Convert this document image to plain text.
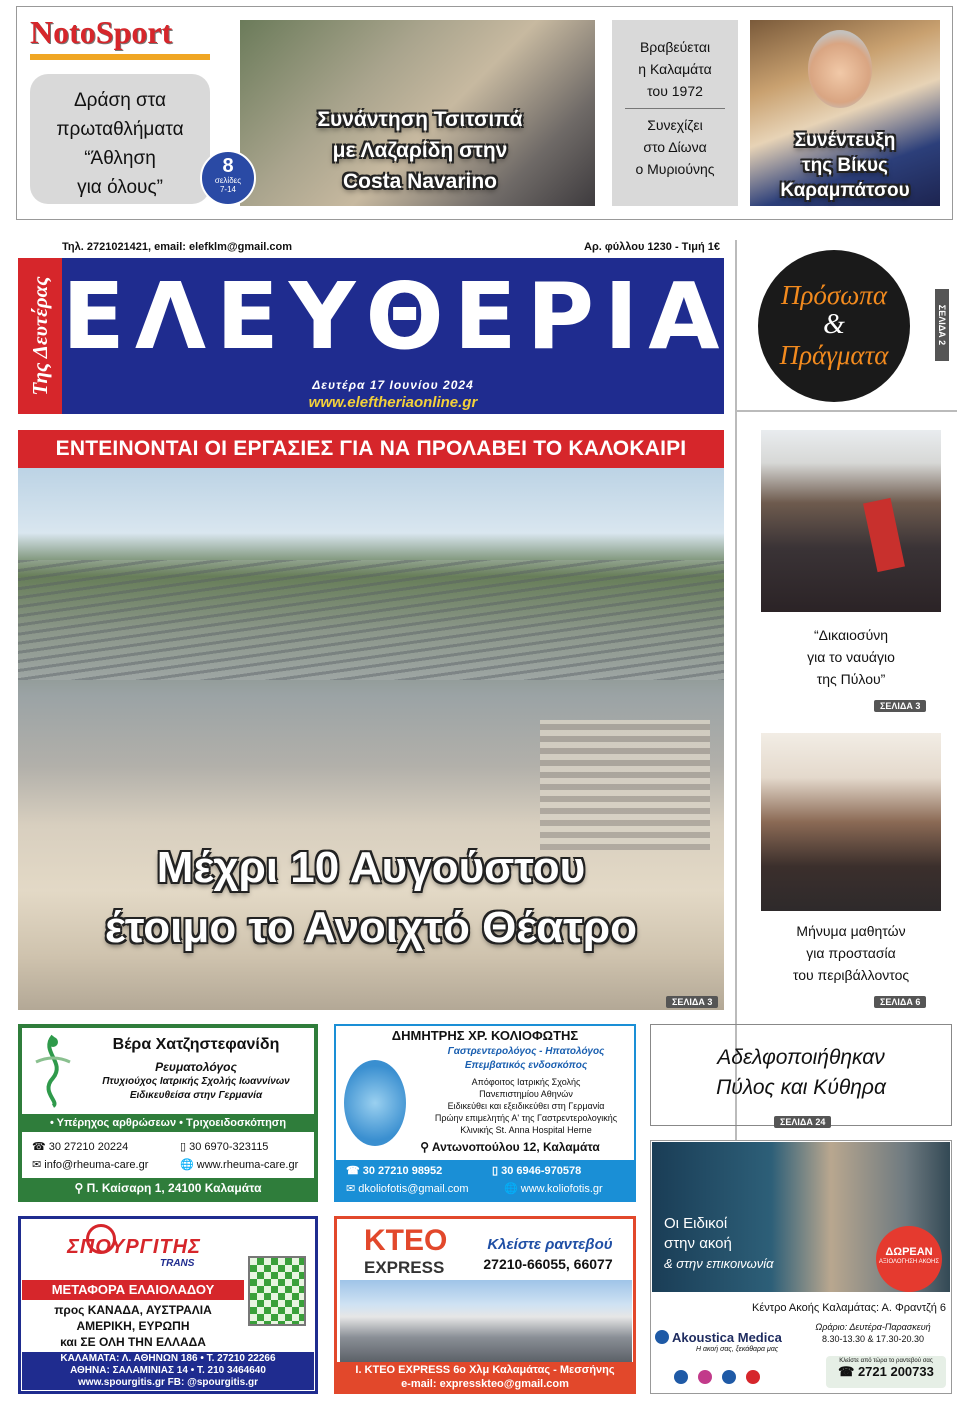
NotoSport
Δράση στα
πρωταθλήματα
“Άθληση
για όλους”
8
σελίδες
7-14
Συνάντηση Τσιτσιπά
με Λαζαρίδη στην
Costa Navarino
Βραβεύεται
η Καλαμάτα
του 1972
Συνεχίζει
στο Δίωνα
ο Μυριούνης
Συνέντευξη
της Βίκυς
Καραμπάτσου
Τηλ. 2721021421, email: elefklm@gmail.com	Αρ. φύλλου 1230 - Τιμή 1€
Της Δευτέρας ΕΛΕΥΘΕΡΙΑ
Δευτέρα 17 Ιουνίου 2024
www.eleftheriaonline.gr
Πρόσωπα
&
Πράγματα
ΣΕΛΙΔΑ 2
ΕΝΤΕΙΝΟΝΤΑΙ ΟΙ ΕΡΓΑΣΙΕΣ ΓΙΑ ΝΑ ΠΡΟΛΑΒΕΙ ΤΟ ΚΑΛΟΚΑΙΡΙ
Μέχρι 10 Αυγούστου
έτοιμο το Ανοιχτό Θέατρο
ΣΕΛΙΔΑ 3
“Δικαιοσύνη
για το ναυάγιο
της Πύλου”
ΣΕΛΙΔΑ 3
Μήνυμα μαθητών
για προστασία
του περιβάλλοντος
ΣΕΛΙΔΑ 6
Αδελφοποιήθηκαν
Πύλος και Κύθηρα
ΣΕΛΙΔΑ 24
Βέρα Χατζηστεφανίδη
Ρευματολόγος
Πτυχιούχος Ιατρικής Σχολής Ιωαννίνων
Ειδικευθείσα στην Γερμανία
• Υπέρηχος αρθρώσεων • Τριχοειδοσκόπηση
☎ 30 27210 20224	▯ 30 6970-323115
✉ info@rheuma-care.gr	🌐 www.rheuma-care.gr
⚲ Π. Καίσαρη 1, 24100 Καλαμάτα
ΔΗΜΗΤΡΗΣ ΧΡ. ΚΟΛΙΟΦΩΤΗΣ
Γαστρεντερολόγος - Ηπατολόγος
Επεμβατικός ενδοσκόπος
Απόφοιτος Ιατρικής Σχολής
Πανεπιστημίου Αθηνών
Ειδικεύθει και εξειδικεύθει στη Γερμανία
Πρώην επιμελητής Α' της Γαστρεντερολογικής
Κλινικής St. Anna Hospital Herne
⚲ Αντωνοπούλου 12, Καλαμάτα
☎ 30 27210 98952	▯ 30 6946-970578
✉ dkoliofotis@gmail.com	🌐 www.koliofotis.gr
ΣΠΟΥΡΓΙΤΗΣ
TRANS
ΜΕΤΑΦΟΡΑ ΕΛΑΙΟΛΑΔΟΥ
προς ΚΑΝΑΔΑ, ΑΥΣΤΡΑΛΙΑ
ΑΜΕΡΙΚΗ, ΕΥΡΩΠΗ
και ΣΕ ΟΛΗ ΤΗΝ ΕΛΛΑΔΑ
ΚΑΛΑΜΑΤΑ: Λ. ΑΘΗΝΩΝ 186 • Τ. 27210 22266
ΑΘΗΝΑ: ΣΑΛΑΜΙΝΙΑΣ 14 • Τ. 210 3464640
www.spourgitis.gr FB: @spourgitis.gr
ΚΤΕΟ
EXPRESS
Κλείστε ραντεβού
27210-66055, 66077
Ι. ΚΤΕΟ EXPRESS 6ο Χλμ Καλαμάτας - Μεσσήνης
e-mail: expresskteo@gmail.com
Οι Ειδικοί
στην ακοή
& στην επικοινωνία
ΔΩΡΕΑΝ
ΑΞΙΟΛΟΓΗΣΗ ΑΚΟΗΣ
Κέντρο Ακοής Καλαμάτας: Α. Φραντζή 6
Akoustica Medica
Η ακοή σας, ξεκάθαρα μας
Ωράριο: Δευτέρα-Παρασκευή
8.30-13.30 & 17.30-20.30
Κλείστε από τώρα το ραντεβού σας
☎ 2721 200733
